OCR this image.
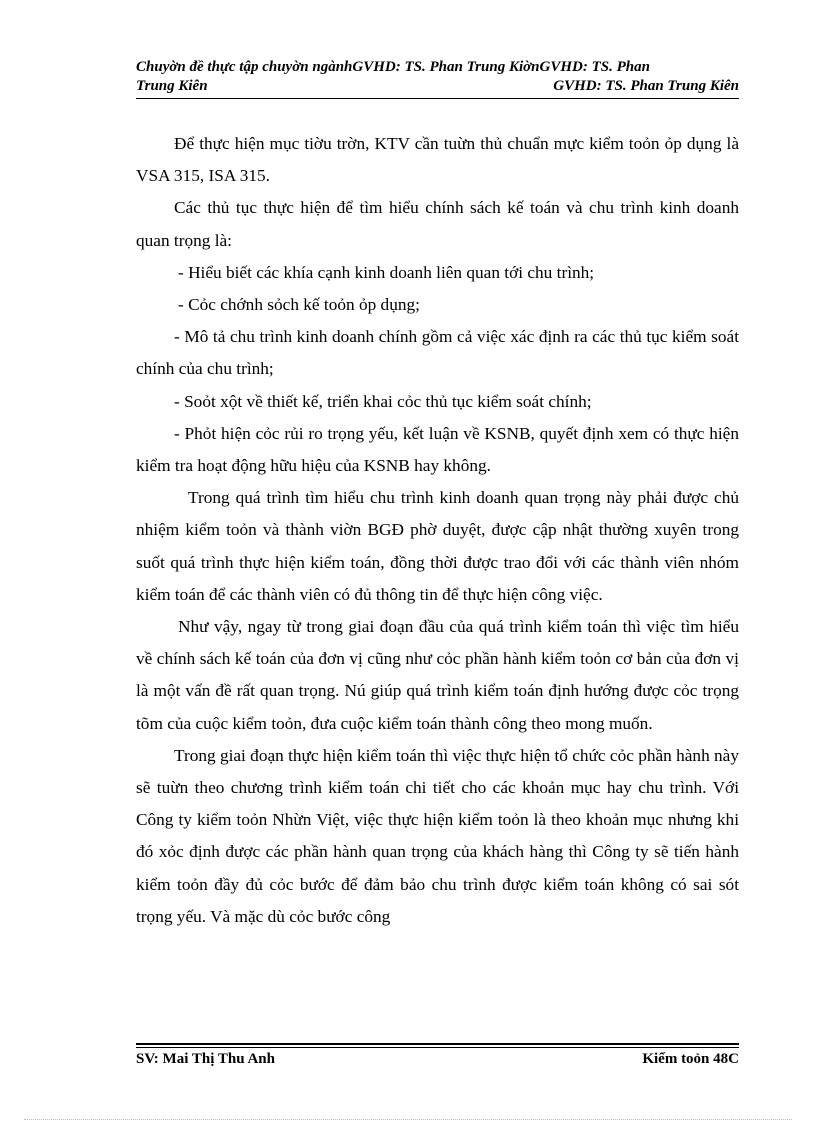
Chuyờn đề thực tập chuyờn ngànhGVHD: TS. Phan Trung KiờnGVHD: TS. Phan
Trung Kiên	GVHD: TS. Phan Trung Kiên

Để thực hiện mục tiờu trờn, KTV cần tuừn thủ chuẩn mực kiểm toỏn ỏp dụng là VSA 315, ISA 315.

Các thủ tục thực hiện để tìm hiểu chính sách kế toán và chu trình kinh doanh quan trọng là:

- Hiểu biết các khía cạnh kinh doanh liên quan tới chu trình;

- Cỏc chớnh sỏch kế toỏn ỏp dụng;

- Mô tả chu trình kinh doanh chính gồm cả việc xác định ra các thủ tục kiểm soát chính của chu trình;

- Soỏt xột về thiết kế, triển khai cỏc thủ tục kiểm soát chính;

- Phỏt hiện cỏc rủi ro trọng yếu, kết luận về KSNB, quyết định xem có thực hiện kiểm tra hoạt động hữu hiệu của KSNB hay không.

Trong quá trình tìm hiểu chu trình kinh doanh quan trọng này phải được chủ nhiệm kiểm toỏn và thành viờn BGĐ phờ duyệt, được cập nhật thường xuyên trong suốt quá trình thực hiện kiểm toán, đồng thời được trao đổi với các thành viên nhóm kiểm toán để các thành viên có đủ thông tin để thực hiện công việc.

Như vậy, ngay từ trong giai đoạn đầu của quá trình kiểm toán thì việc tìm hiểu về chính sách kế toán của đơn vị cũng như cỏc phần hành kiểm toỏn cơ bản của đơn vị là một vấn đề rất quan trọng. Nú giúp quá trình kiểm toán định hướng được cỏc trọng tõm của cuộc kiểm toỏn, đưa cuộc kiểm toán thành công theo mong muốn.

Trong giai đoạn thực hiện kiểm toán thì việc thực hiện tổ chức cỏc phần hành này sẽ tuừn theo chương trình kiểm toán chi tiết cho các khoản mục hay chu trình. Với Công ty kiểm toỏn Nhừn Việt, việc thực hiện kiểm toỏn là theo khoản mục nhưng khi đó xỏc định được các phần hành quan trọng của khách hàng thì Công ty sẽ tiến hành kiểm toỏn đầy đủ cỏc bước để đảm bảo chu trình được kiểm toán không có sai sót trọng yếu. Và mặc dù cỏc bước công

SV: Mai Thị Thu Anh	Kiểm toỏn 48C
